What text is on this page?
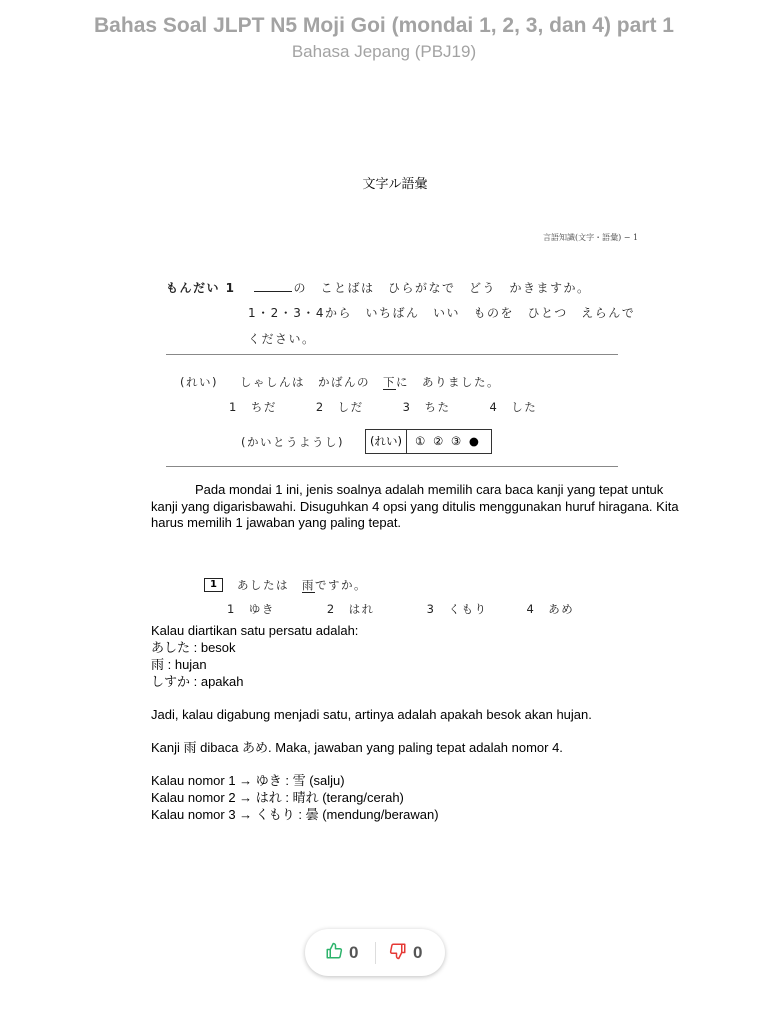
Bahas Soal JLPT N5 Moji Goi (mondai 1, 2, 3, dan 4) part 1
Bahasa Jepang (PBJ19)
文字ル語彙
言語知識(文字・語彙) − 1
もんだい 1	の　ことばは　ひらがなで　どう　かきますか。
1・2・3・4から　いちばん　いい　ものを　ひとつ　えらんで
ください。
(れい) しゃしんは　かばんの　下に　ありました。
1　ちだ　　　2　しだ　　　3　ちた　　　4　した
(かいとうようし)	(れい)	① ② ③ ●
Pada mondai 1 ini, jenis soalnya adalah memilih cara baca kanji yang tepat untuk kanji yang digarisbawahi. Disuguhkan 4 opsi yang ditulis menggunakan huruf hiragana. Kita harus memilih 1 jawaban yang paling tepat.
1	あしたは　雨ですか。
1　ゆき　　　　2　はれ　　　　3　くもり　　　4　あめ
Kalau diartikan satu persatu adalah:
あした : besok
雨 : hujan
しすか : apakah
Jadi, kalau digabung menjadi satu, artinya adalah apakah besok akan hujan.
Kanji 雨 dibaca あめ. Maka, jawaban yang paling tepat adalah nomor 4.
Kalau nomor 1 → ゆき : 雪 (salju)
Kalau nomor 2 → はれ : 晴れ (terang/cerah)
Kalau nomor 3 → くもり : 曇 (mendung/berawan)
0	0
